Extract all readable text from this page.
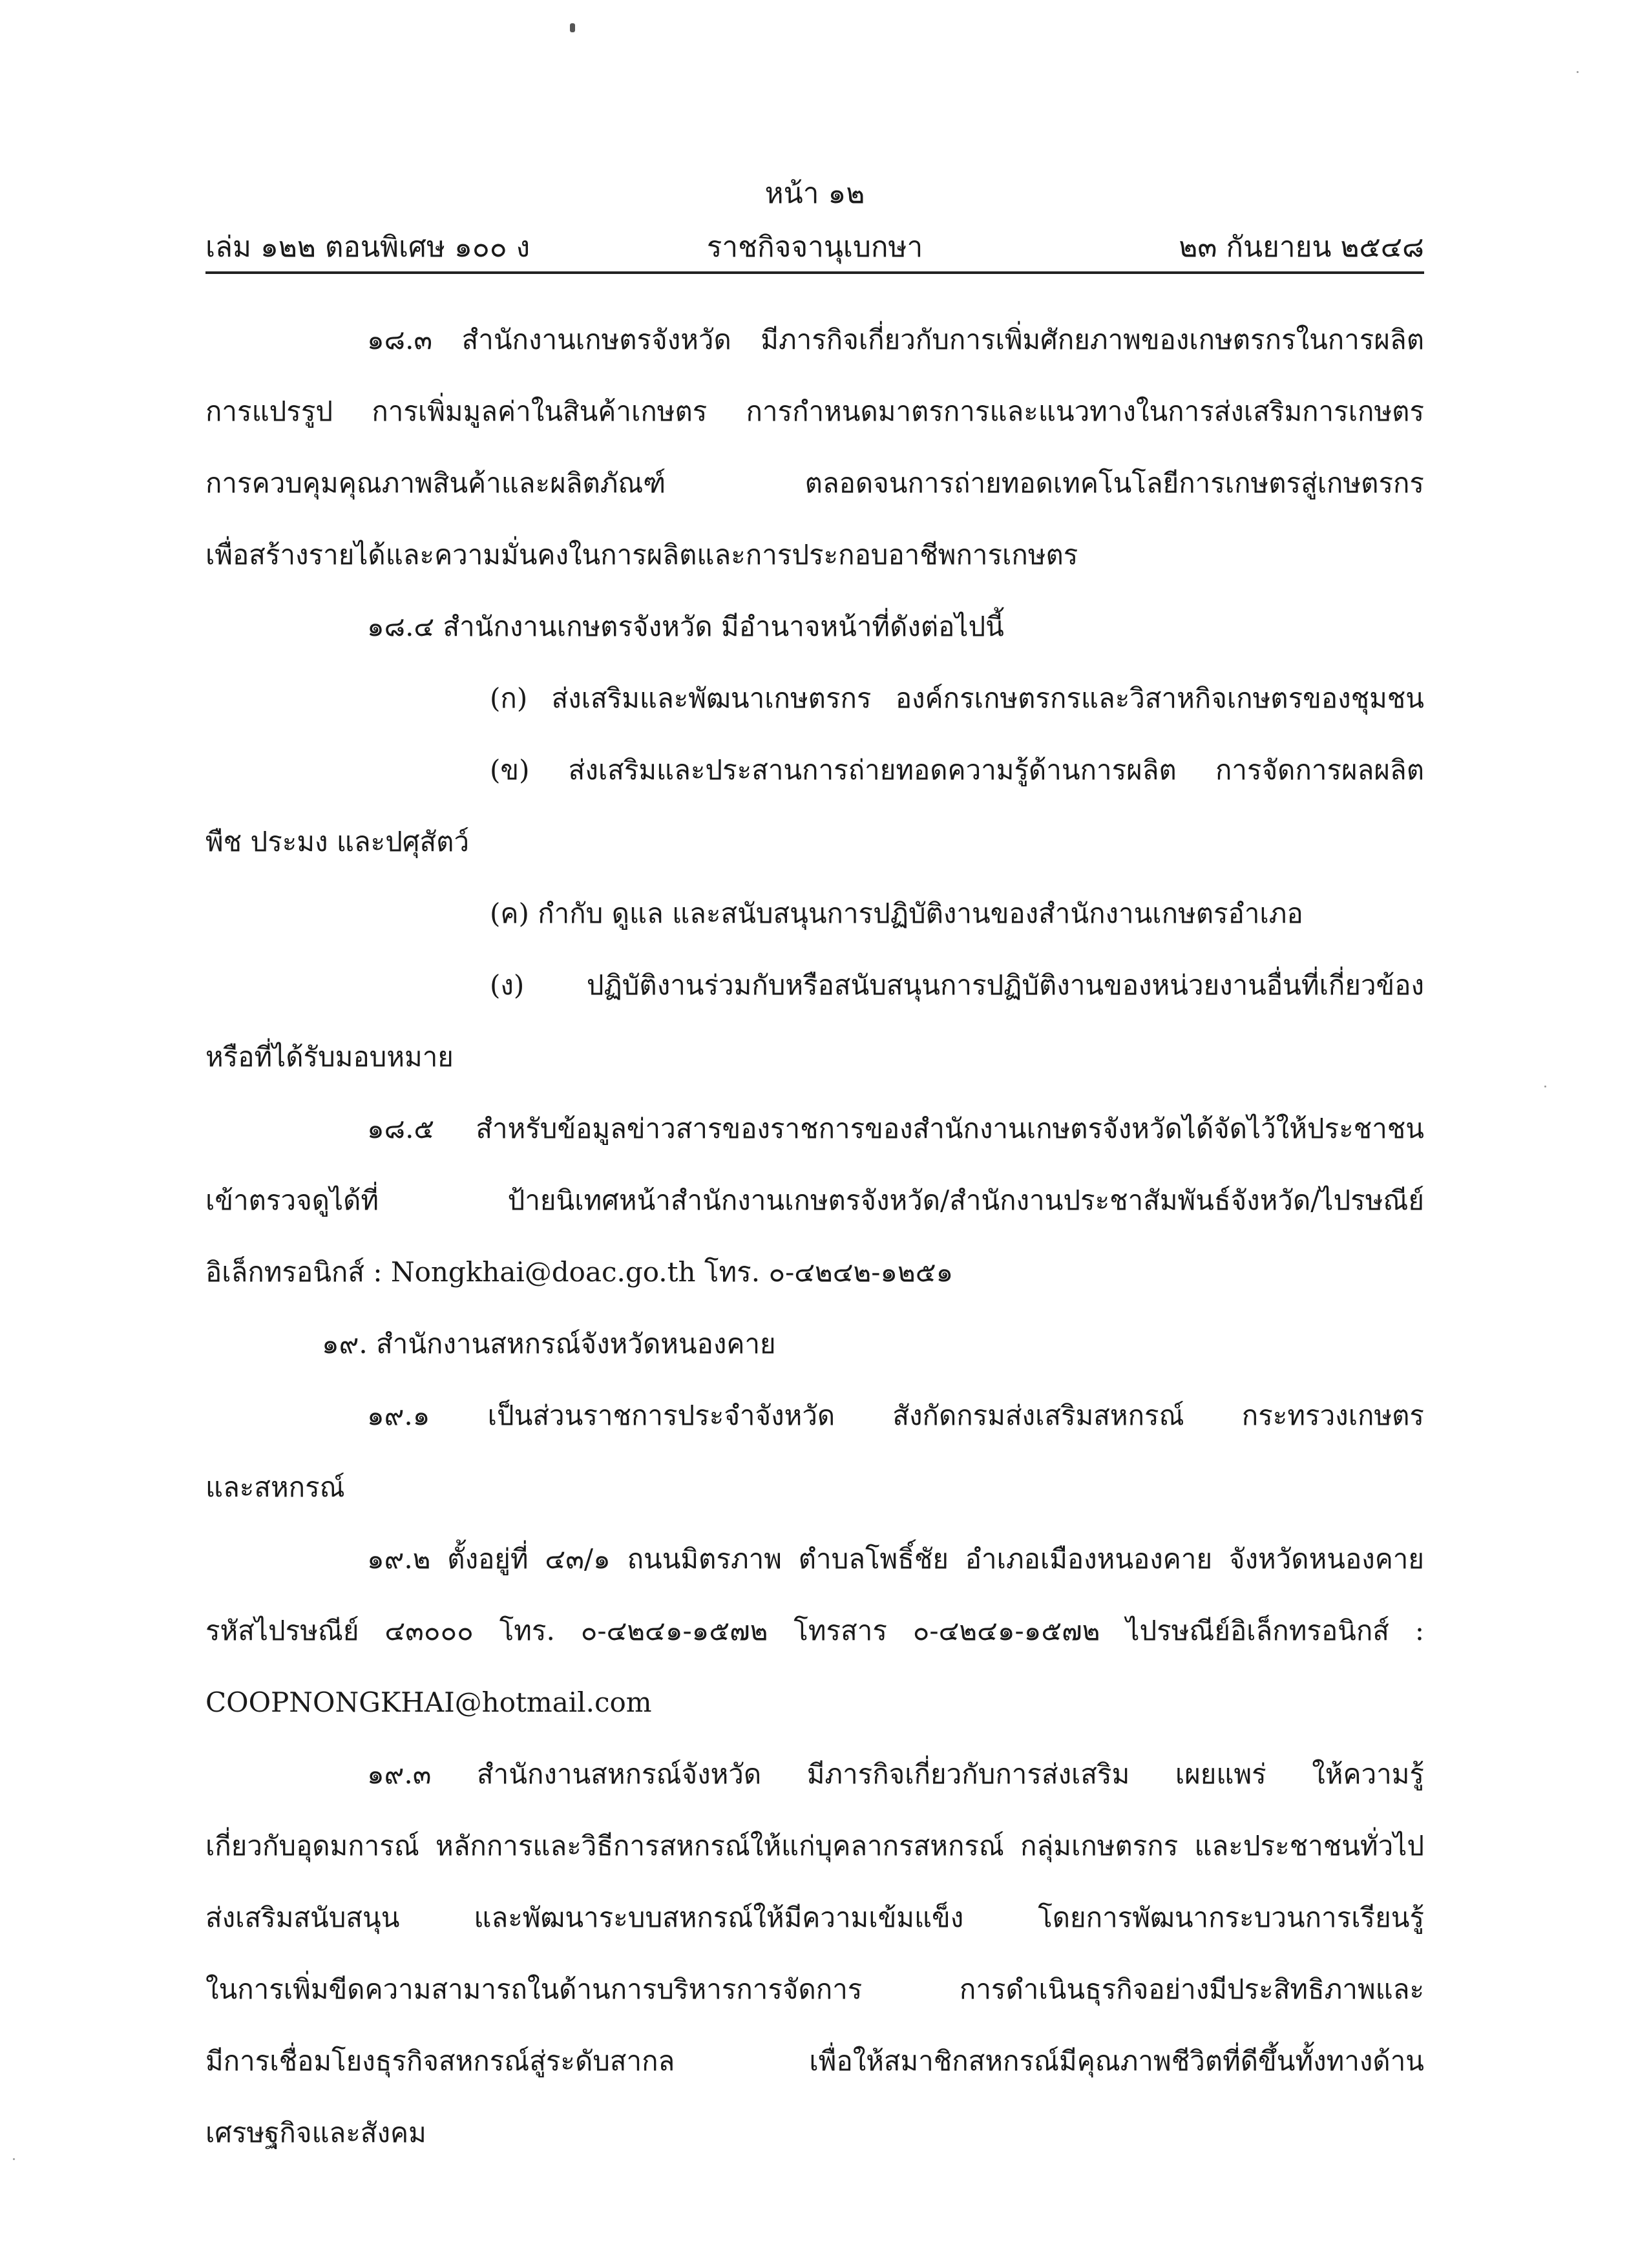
หน้า ๑๒
เล่ม ๑๒๒ ตอนพิเศษ ๑๐๐ ง	ราชกิจจานุเบกษา	๒๓ กันยายน ๒๕๔๘
๑๘.๓ สำนักงานเกษตรจังหวัด มีภารกิจเกี่ยวกับการเพิ่มศักยภาพของเกษตรกรในการผลิต
การแปรรูป การเพิ่มมูลค่าในสินค้าเกษตร การกำหนดมาตรการและแนวทางในการส่งเสริมการเกษตร
การควบคุมคุณภาพสินค้าและผลิตภัณฑ์ ตลอดจนการถ่ายทอดเทคโนโลยีการเกษตรสู่เกษตรกร
เพื่อสร้างรายได้และความมั่นคงในการผลิตและการประกอบอาชีพการเกษตร
๑๘.๔ สำนักงานเกษตรจังหวัด มีอำนาจหน้าที่ดังต่อไปนี้
(ก) ส่งเสริมและพัฒนาเกษตรกร องค์กรเกษตรกรและวิสาหกิจเกษตรของชุมชน
(ข) ส่งเสริมและประสานการถ่ายทอดความรู้ด้านการผลิต การจัดการผลผลิต
พืช ประมง และปศุสัตว์
(ค) กำกับ ดูแล และสนับสนุนการปฏิบัติงานของสำนักงานเกษตรอำเภอ
(ง) ปฏิบัติงานร่วมกับหรือสนับสนุนการปฏิบัติงานของหน่วยงานอื่นที่เกี่ยวข้อง
หรือที่ได้รับมอบหมาย
๑๘.๕ สำหรับข้อมูลข่าวสารของราชการของสำนักงานเกษตรจังหวัดได้จัดไว้ให้ประชาชน
เข้าตรวจดูได้ที่ ป้ายนิเทศหน้าสำนักงานเกษตรจังหวัด/สำนักงานประชาสัมพันธ์จังหวัด/ไปรษณีย์
อิเล็กทรอนิกส์ : Nongkhai@doac.go.th โทร. ๐-๔๒๔๒-๑๒๕๑
๑๙. สำนักงานสหกรณ์จังหวัดหนองคาย
๑๙.๑ เป็นส่วนราชการประจำจังหวัด สังกัดกรมส่งเสริมสหกรณ์ กระทรวงเกษตร
และสหกรณ์
๑๙.๒ ตั้งอยู่ที่ ๔๓/๑ ถนนมิตรภาพ ตำบลโพธิ์ชัย อำเภอเมืองหนองคาย จังหวัดหนองคาย
รหัสไปรษณีย์ ๔๓๐๐๐ โทร. ๐-๔๒๔๑-๑๕๗๒ โทรสาร ๐-๔๒๔๑-๑๕๗๒ ไปรษณีย์อิเล็กทรอนิกส์ :
COOPNONGKHAI@hotmail.com
๑๙.๓ สำนักงานสหกรณ์จังหวัด มีภารกิจเกี่ยวกับการส่งเสริม เผยแพร่ ให้ความรู้
เกี่ยวกับอุดมการณ์ หลักการและวิธีการสหกรณ์ให้แก่บุคลากรสหกรณ์ กลุ่มเกษตรกร และประชาชนทั่วไป
ส่งเสริมสนับสนุน และพัฒนาระบบสหกรณ์ให้มีความเข้มแข็ง โดยการพัฒนากระบวนการเรียนรู้
ในการเพิ่มขีดความสามารถในด้านการบริหารการจัดการ การดำเนินธุรกิจอย่างมีประสิทธิภาพและ
มีการเชื่อมโยงธุรกิจสหกรณ์สู่ระดับสากล เพื่อให้สมาชิกสหกรณ์มีคุณภาพชีวิตที่ดีขึ้นทั้งทางด้าน
เศรษฐกิจและสังคม
